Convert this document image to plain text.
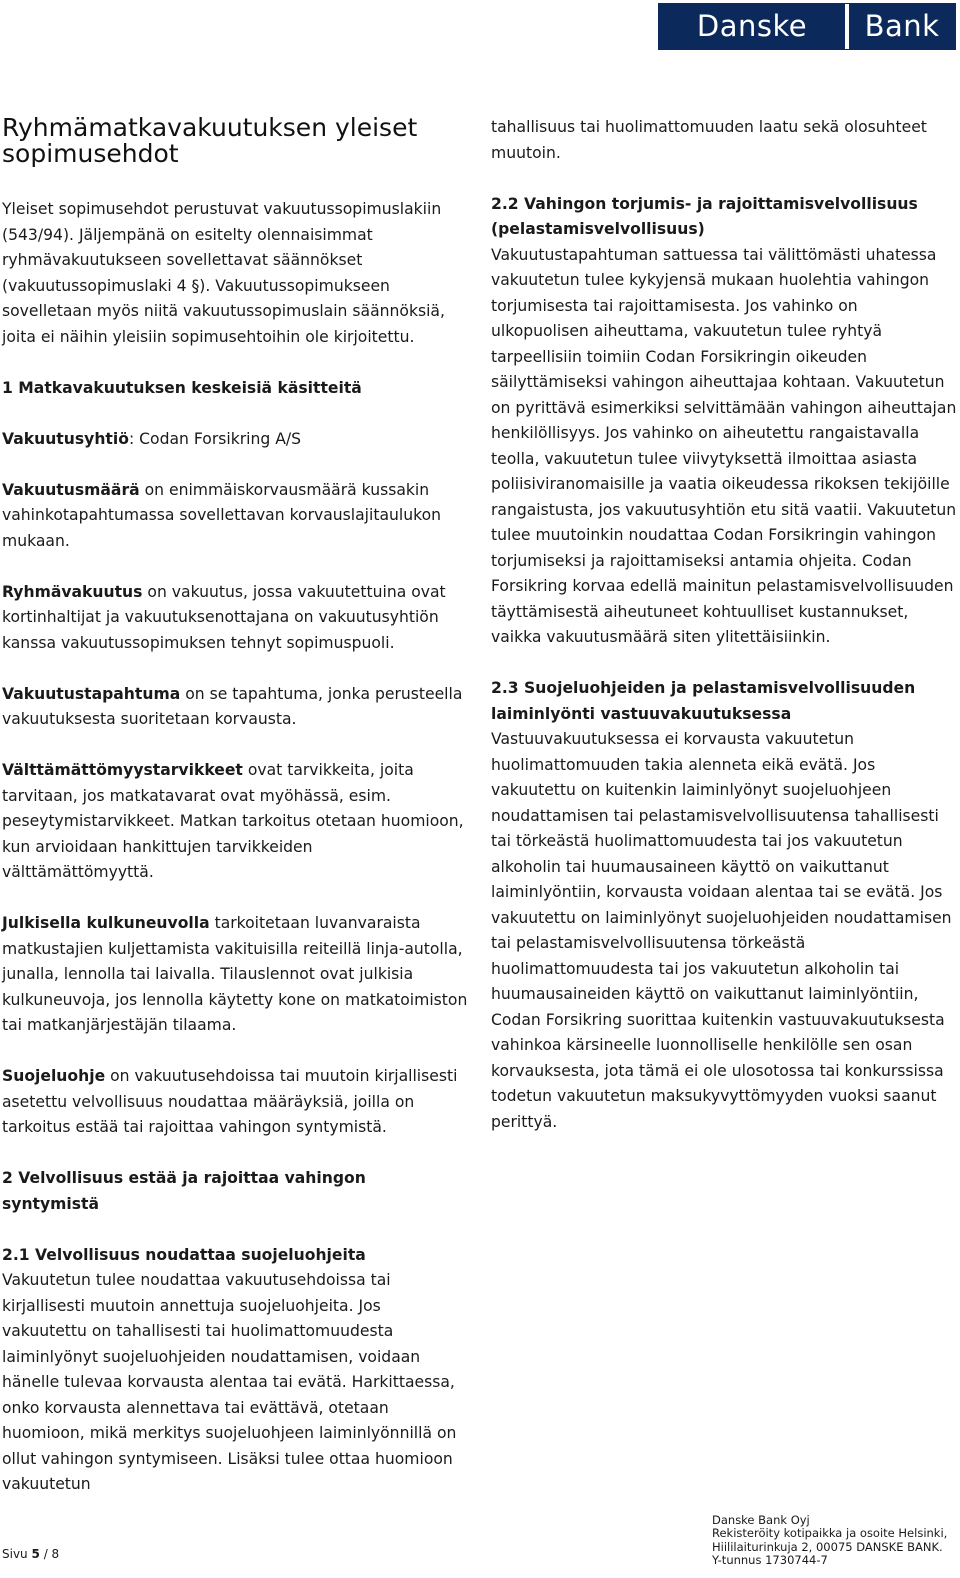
Danske	Bank
Ryhmämatkavakuutuksen yleiset sopimusehdot

Yleiset sopimusehdot perustuvat vakuutussopimuslakiin (543/94). Jäljempänä on esitelty olennaisimmat ryhmävakuutukseen sovellettavat säännökset (vakuutussopimuslaki 4 §). Vakuutussopimukseen sovelletaan myös niitä vakuutussopimuslain säännöksiä, joita ei näihin yleisiin sopimusehtoihin ole kirjoitettu.

1 Matkavakuutuksen keskeisiä käsitteitä

Vakuutusyhtiö: Codan Forsikring A/S

Vakuutusmäärä on enimmäiskorvausmäärä kussakin vahinkotapahtumassa sovellettavan korvauslajitaulukon mukaan.

Ryhmävakuutus on vakuutus, jossa vakuutettuina ovat kortinhaltijat ja vakuutuksenottajana on vakuutusyhtiön kanssa vakuutussopimuksen tehnyt sopimuspuoli.

Vakuutustapahtuma on se tapahtuma, jonka perusteella vakuutuksesta suoritetaan korvausta.

Välttämättömyystarvikkeet ovat tarvikkeita, joita tarvitaan, jos matkatavarat ovat myöhässä, esim. peseytymistarvikkeet. Matkan tarkoitus otetaan huomioon, kun arvioidaan hankittujen tarvikkeiden välttämättömyyttä.

Julkisella kulkuneuvolla tarkoitetaan luvanvaraista matkustajien kuljettamista vakituisilla reiteillä linja-autolla, junalla, lennolla tai laivalla. Tilauslennot ovat julkisia kulkuneuvoja, jos lennolla käytetty kone on matkatoimiston tai matkanjärjestäjän tilaama.

Suojeluohje on vakuutusehdoissa tai muutoin kirjallisesti asetettu velvollisuus noudattaa määräyksiä, joilla on tarkoitus estää tai rajoittaa vahingon syntymistä.

2 Velvollisuus estää ja rajoittaa vahingon syntymistä
2.1 Velvollisuus noudattaa suojeluohjeita

Vakuutetun tulee noudattaa vakuutusehdoissa tai kirjallisesti muutoin annettuja suojeluohjeita. Jos vakuutettu on tahallisesti tai huolimattomuudesta laiminlyönyt suojeluohjeiden noudattamisen, voidaan hänelle tulevaa korvausta alentaa tai evätä. Harkittaessa, onko korvausta alennettava tai evättävä, otetaan huomioon, mikä merkitys suojeluohjeen laiminlyönnillä on ollut vahingon syntymiseen. Lisäksi tulee ottaa huomioon vakuutetun

tahallisuus tai huolimattomuuden laatu sekä olosuhteet muutoin.

2.2 Vahingon torjumis- ja rajoittamisvelvollisuus (pelastamisvelvollisuus)

Vakuutustapahtuman sattuessa tai välittömästi uhatessa vakuutetun tulee kykyjensä mukaan huolehtia vahingon torjumisesta tai rajoittamisesta. Jos vahinko on ulkopuolisen aiheuttama, vakuutetun tulee ryhtyä tarpeellisiin toimiin Codan Forsikringin oikeuden säilyttämiseksi vahingon aiheuttajaa kohtaan. Vakuutetun on pyrittävä esimerkiksi selvittämään vahingon aiheuttajan henkilöllisyys. Jos vahinko on aiheutettu rangaistavalla teolla, vakuutetun tulee viivytyksettä ilmoittaa asiasta poliisiviranomaisille ja vaatia oikeudessa rikoksen tekijöille rangaistusta, jos vakuutusyhtiön etu sitä vaatii. Vakuutetun tulee muutoinkin noudattaa Codan Forsikringin vahingon torjumiseksi ja rajoittamiseksi antamia ohjeita. Codan Forsikring korvaa edellä mainitun pelastamisvelvollisuuden täyttämisestä aiheutuneet kohtuulliset kustannukset, vaikka vakuutusmäärä siten ylitettäisiinkin.

2.3 Suojeluohjeiden ja pelastamisvelvollisuuden laiminlyönti vastuuvakuutuksessa

Vastuuvakuutuksessa ei korvausta vakuutetun huolimattomuuden takia alenneta eikä evätä. Jos vakuutettu on kuitenkin laiminlyönyt suojeluohjeen noudattamisen tai pelastamisvelvollisuutensa tahallisesti tai törkeästä huolimattomuudesta tai jos vakuutetun alkoholin tai huumausaineen käyttö on vaikuttanut laiminlyöntiin, korvausta voidaan alentaa tai se evätä. Jos vakuutettu on laiminlyönyt suojeluohjeiden noudattamisen tai pelastamisvelvollisuutensa törkeästä huolimattomuudesta tai jos vakuutetun alkoholin tai huumausaineiden käyttö on vaikuttanut laiminlyöntiin, Codan Forsikring suorittaa kuitenkin vastuuvakuutuksesta vahinkoa kärsineelle luonnolliselle henkilölle sen osan korvauksesta, jota tämä ei ole ulosotossa tai konkurssissa todetun vakuutetun maksukyvyttömyyden vuoksi saanut perittyä.

Sivu 5 / 8
Danske Bank Oyj
Rekisteröity kotipaikka ja osoite Helsinki,
Hiililaiturinkuja 2, 00075 DANSKE BANK.
Y-tunnus 1730744-7
